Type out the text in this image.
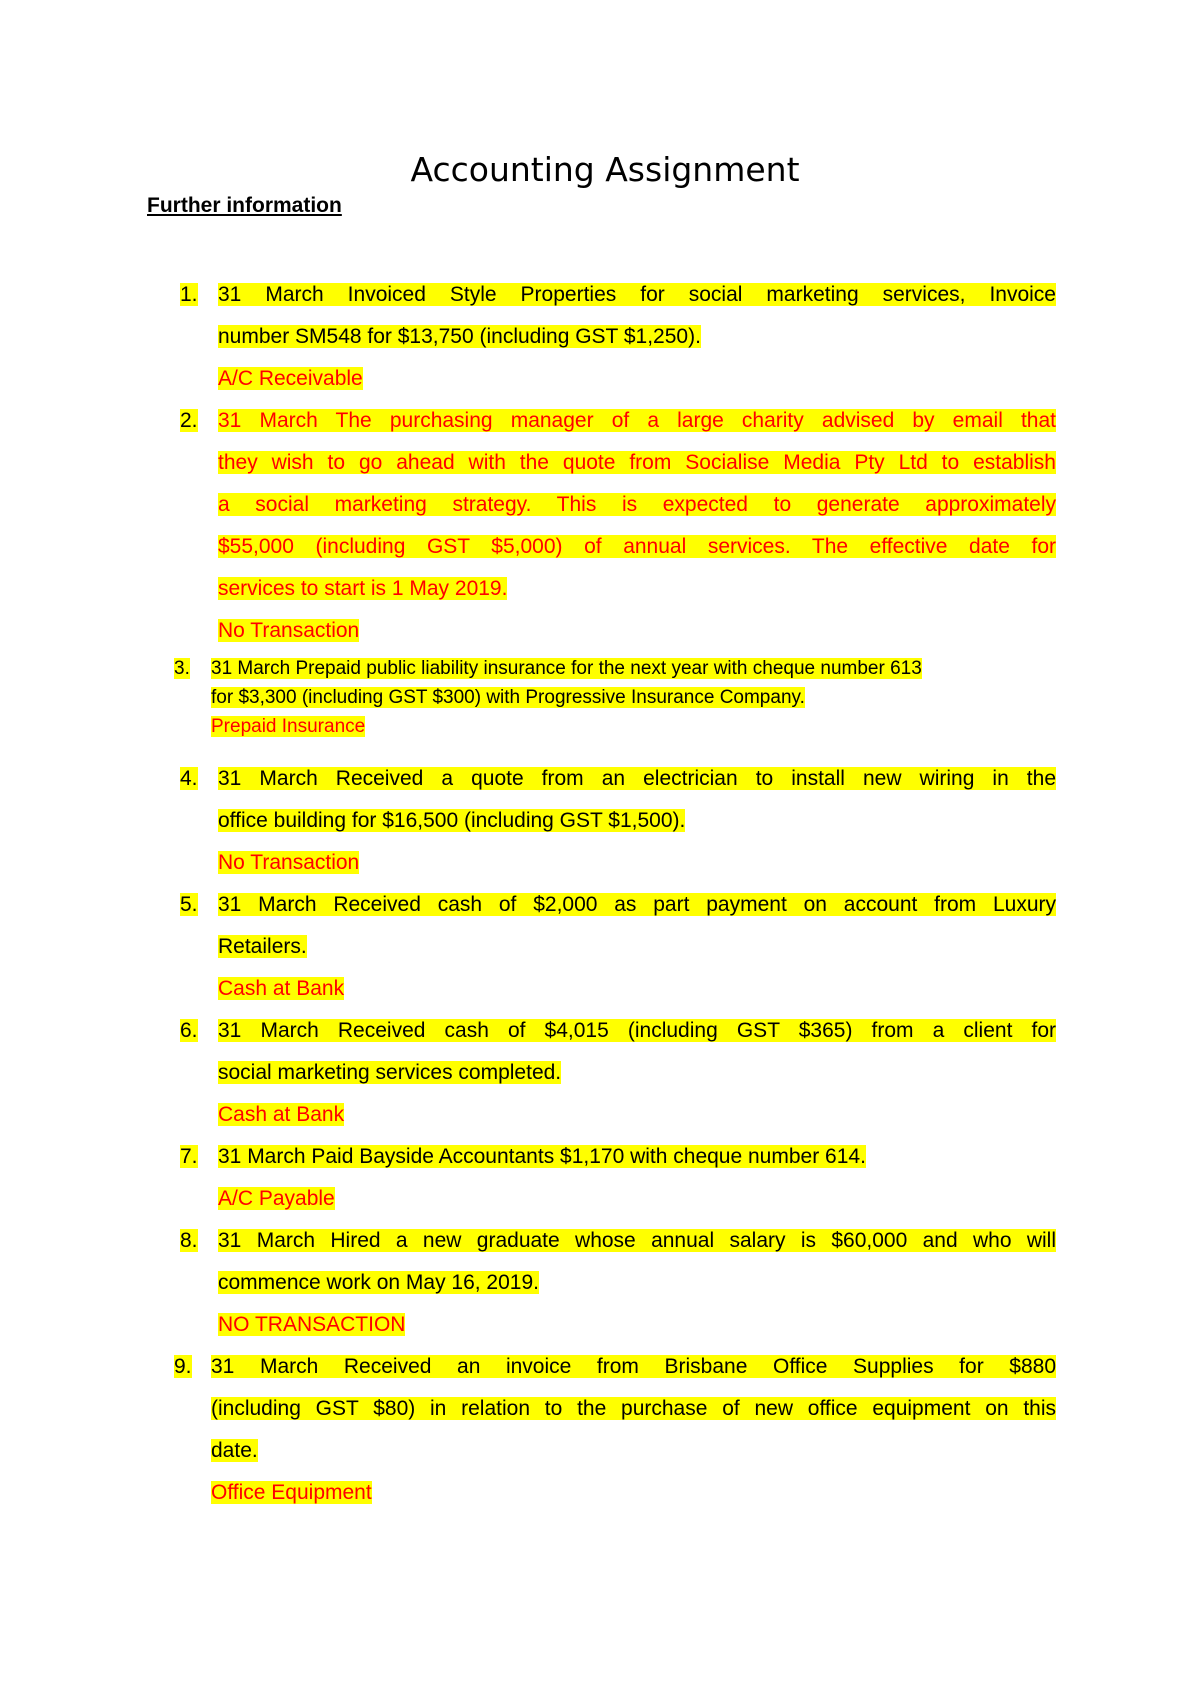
Accounting Assignment
Further information
1. 31 March Invoiced Style Properties for social marketing services, Invoice
number SM548 for $13,750 (including GST $1,250).
A/C Receivable
2. 31 March The purchasing manager of a large charity advised by email that
they wish to go ahead with the quote from Socialise Media Pty Ltd to establish
a social marketing strategy. This is expected to generate approximately
$55,000 (including GST $5,000) of annual services. The effective date for
services to start is 1 May 2019.
No Transaction
3. 31 March Prepaid public liability insurance for the next year with cheque number 613
for $3,300 (including GST $300) with Progressive Insurance Company.
Prepaid Insurance
4. 31 March Received a quote from an electrician to install new wiring in the
office building for $16,500 (including GST $1,500).
No Transaction
5. 31 March Received cash of $2,000 as part payment on account from Luxury
Retailers.
Cash at Bank
6. 31 March Received cash of $4,015 (including GST $365) from a client for
social marketing services completed.
Cash at Bank
7. 31 March Paid Bayside Accountants $1,170 with cheque number 614.
A/C Payable
8. 31 March Hired a new graduate whose annual salary is $60,000 and who will
commence work on May 16, 2019.
NO TRANSACTION
9. 31 March Received an invoice from Brisbane Office Supplies for $880
(including GST $80) in relation to the purchase of new office equipment on this
date.
Office Equipment
